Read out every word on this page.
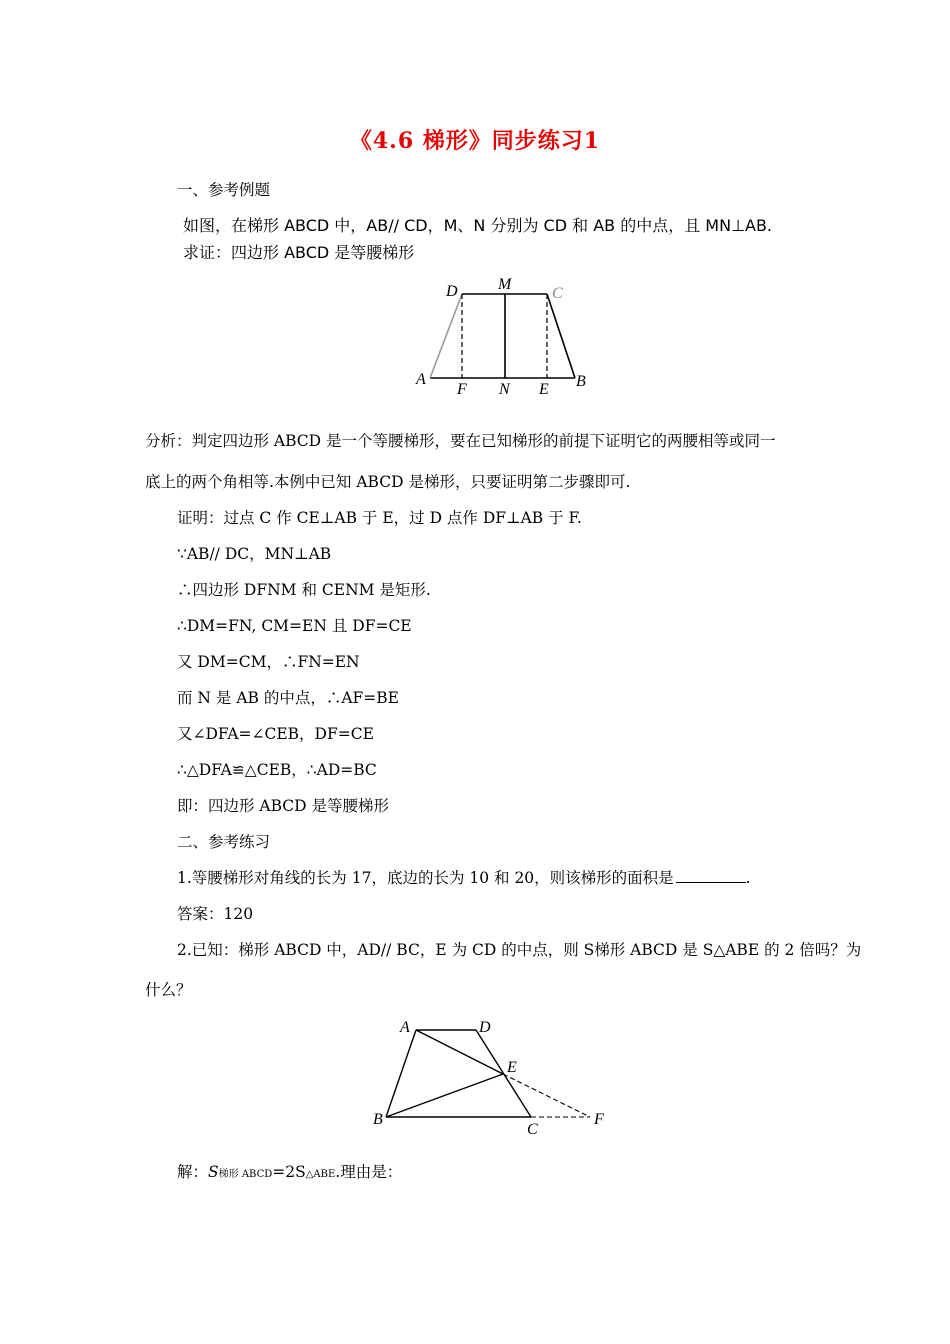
《4.6 梯形》同步练习1
一、参考例题
如图，在梯形 ABCD 中，AB// CD，M、N 分别为 CD 和 AB 的中点，且 MN⊥AB.
求证：四边形 ABCD 是等腰梯形
D	M
C
A
F N E B
分析：判定四边形 ABCD 是一个等腰梯形，要在已知梯形的前提下证明它的两腰相等或同一
底上的两个角相等.本例中已知 ABCD 是梯形，只要证明第二步骤即可.
证明：过点 C 作 CE⊥AB 于 E，过 D 点作 DF⊥AB 于 F.
∵AB// DC，MN⊥AB
∴四边形 DFNM 和 CENM 是矩形.
∴DM=FN, CM=EN 且 DF=CE
又 DM=CM，∴FN=EN
而 N 是 AB 的中点，∴AF=BE
又∠DFA=∠CEB，DF=CE
∴△DFA≌△CEB，∴AD=BC
即：四边形 ABCD 是等腰梯形
二、参考练习
1.等腰梯形对角线的长为 17，底边的长为 10 和 20，则该梯形的面积是	.
答案：120
2.已知：梯形 ABCD 中，AD// BC，E 为 CD 的中点，则 S梯形 ABCD 是 S△ABE 的 2 倍吗？为
什么？
A	D
E
B
C
F
解：S梯形 ABCD=2S△ABE.理由是：
